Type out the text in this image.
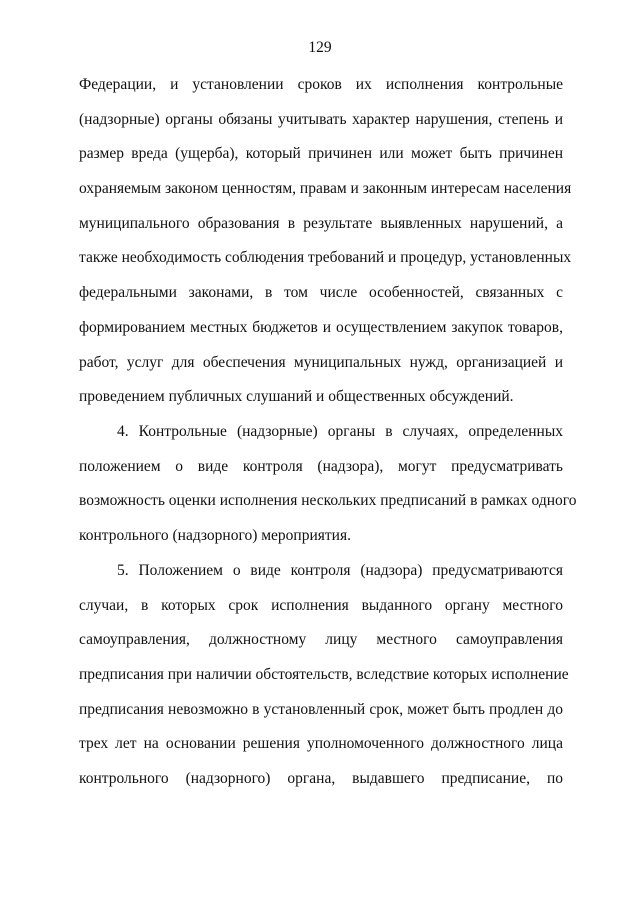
129
Федерации, и установлении сроков их исполнения контрольные
(надзорные) органы обязаны учитывать характер нарушения, степень и
размер вреда (ущерба), который причинен или может быть причинен
охраняемым законом ценностям, правам и законным интересам населения
муниципального образования в результате выявленных нарушений, а
также необходимость соблюдения требований и процедур, установленных
федеральными законами, в том числе особенностей, связанных с
формированием местных бюджетов и осуществлением закупок товаров,
работ, услуг для обеспечения муниципальных нужд, организацией и
проведением публичных слушаний и общественных обсуждений.
4. Контрольные (надзорные) органы в случаях, определенных
положением о виде контроля (надзора), могут предусматривать
возможность оценки исполнения нескольких предписаний в рамках одного
контрольного (надзорного) мероприятия.
5. Положением о виде контроля (надзора) предусматриваются
случаи, в которых срок исполнения выданного органу местного
самоуправления, должностному лицу местного самоуправления
предписания при наличии обстоятельств, вследствие которых исполнение
предписания невозможно в установленный срок, может быть продлен до
трех лет на основании решения уполномоченного должностного лица
контрольного (надзорного) органа, выдавшего предписание, по
